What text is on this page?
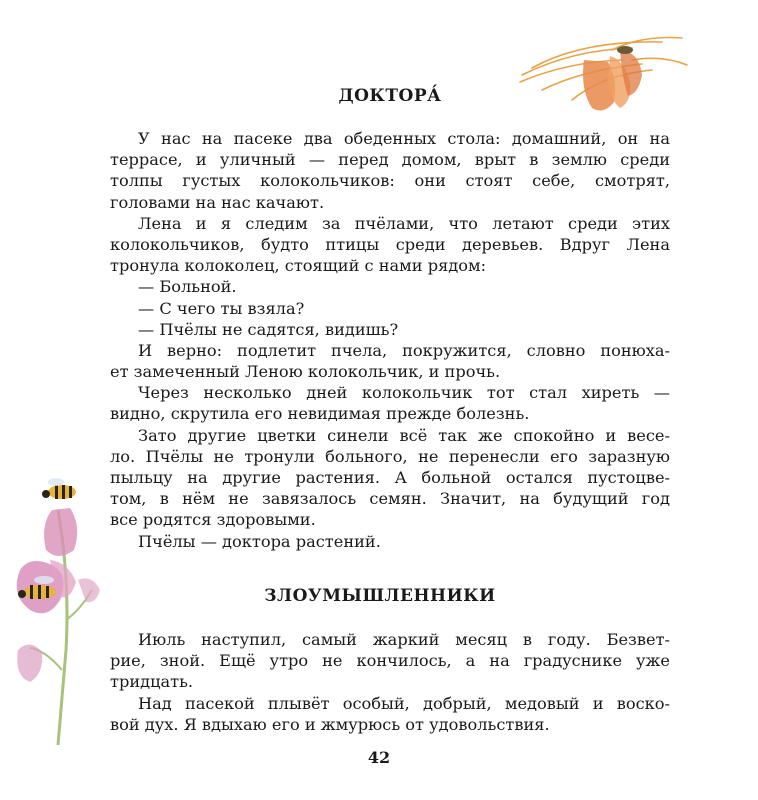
ДОКТОРА́
У нас на пасеке два обеденных стола: домашний, он на
террасе, и уличный — перед домом, врыт в землю среди
толпы густых колокольчиков: они стоят себе, смотрят,
головами на нас качают.
Лена и я следим за пчёлами, что летают среди этих
колокольчиков, будто птицы среди деревьев. Вдруг Лена
тронула колоколец, стоящий с нами рядом:
— Больной.
— С чего ты взяла?
— Пчёлы не садятся, видишь?
И верно: подлетит пчела, покружится, словно понюха-
ет замеченный Леною колокольчик, и прочь.
Через несколько дней колокольчик тот стал хиреть —
видно, скрутила его невидимая прежде болезнь.
Зато другие цветки синели всё так же спокойно и весе-
ло. Пчёлы не тронули больного, не перенесли его заразную
пыльцу на другие растения. А больной остался пустоцве-
том, в нём не завязалось семян. Значит, на будущий год
все родятся здоровыми.
Пчёлы — доктора растений.
ЗЛОУМЫШЛЕННИКИ
Июль наступил, самый жаркий месяц в году. Безвет-
рие, зной. Ещё утро не кончилось, а на градуснике уже
тридцать.
Над пасекой плывёт особый, добрый, медовый и воско-
вой дух. Я вдыхаю его и жмурюсь от удовольствия.
42
